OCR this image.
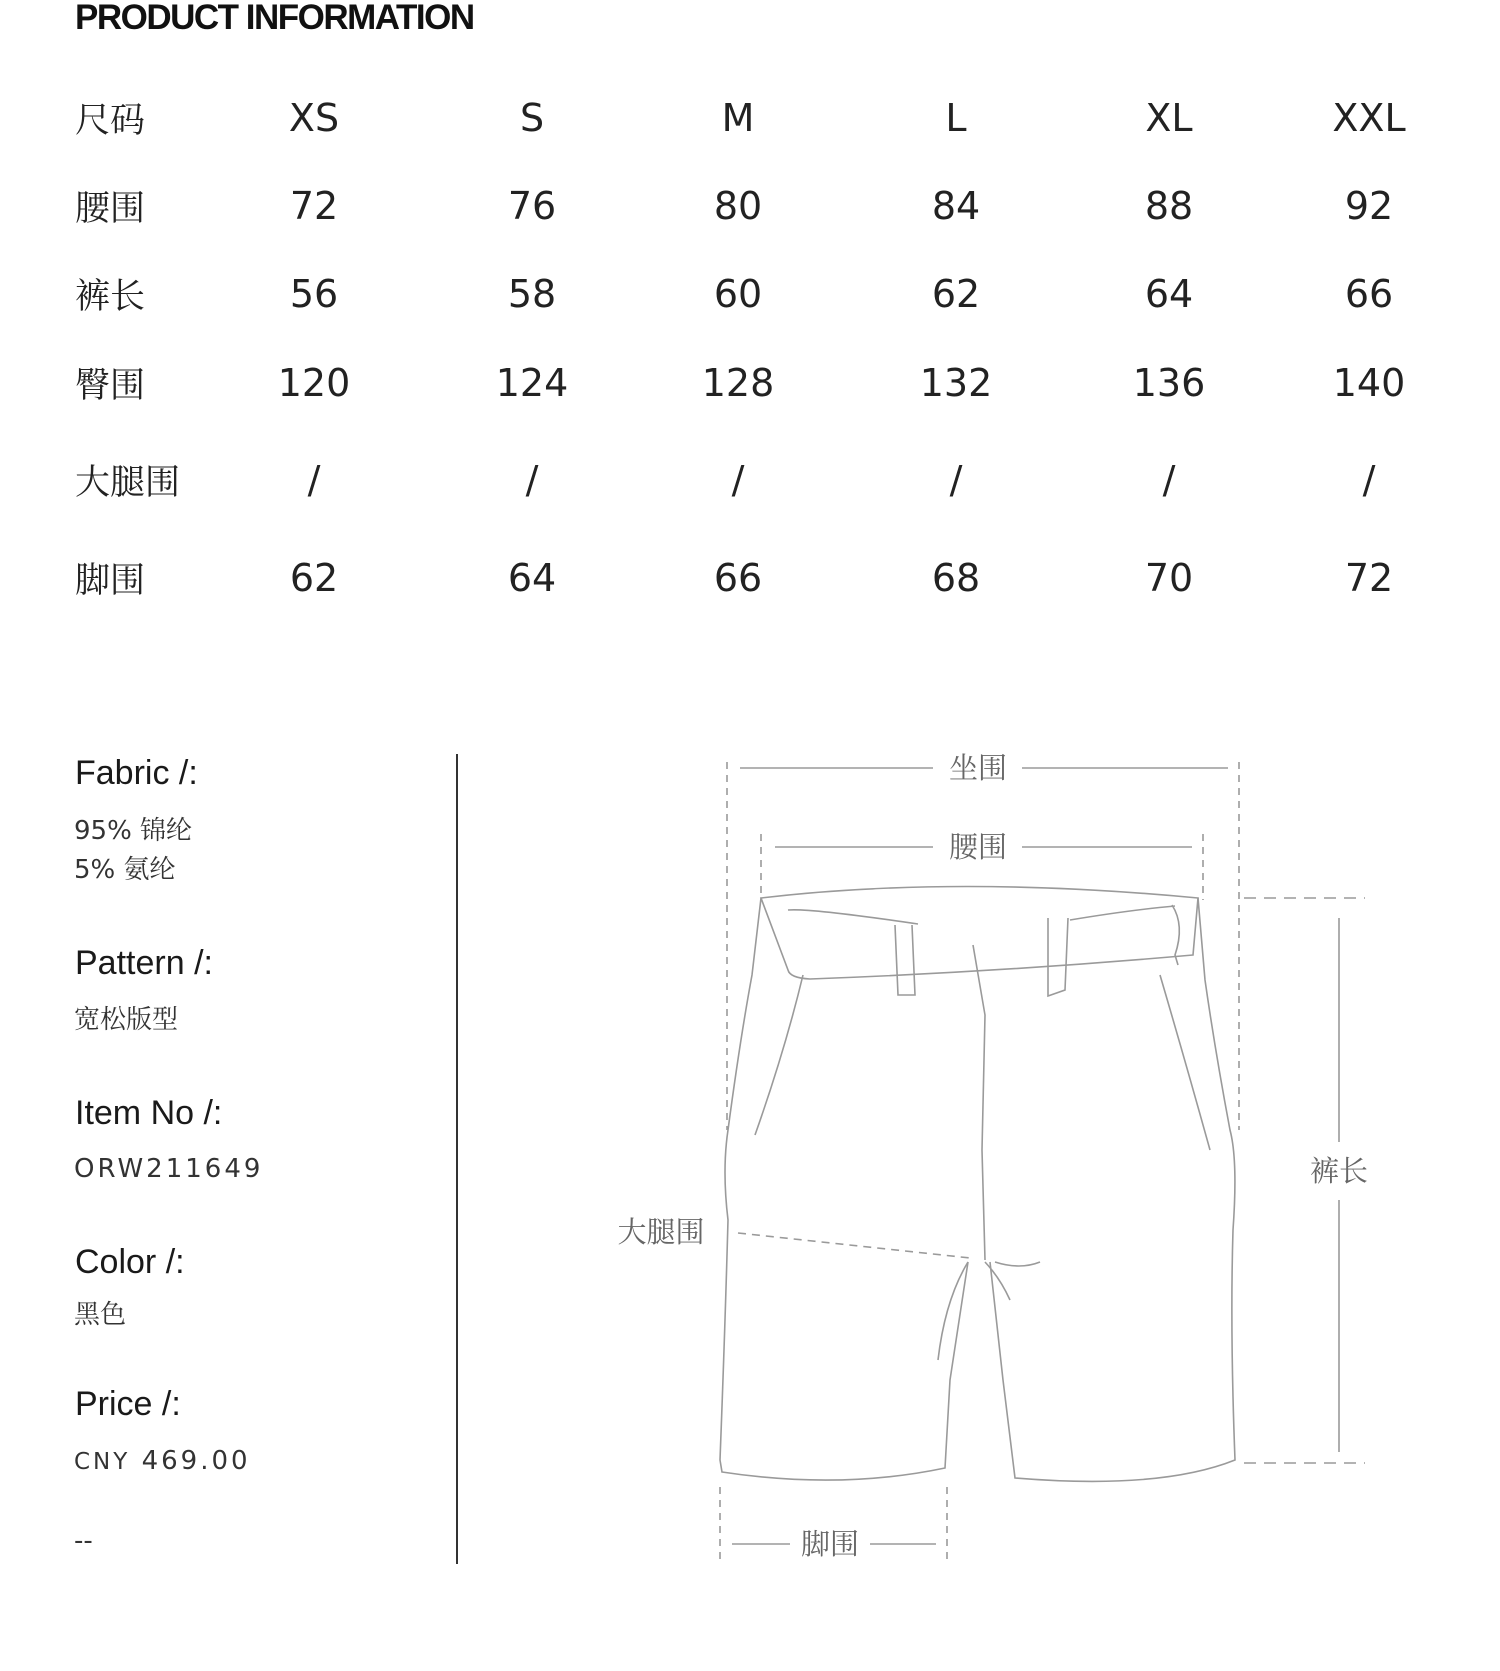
PRODUCT INFORMATION
尺码	XS	S	M	L	XL	XXL
腰围	72	76	80	84	88	92
裤长	56	58	60	62	64	66
臀围	120	124	128	132	136	140
大腿围	/	/	/	/	/	/
脚围	62	64	66	68	70	72
Fabric /:
95% 锦纶
5% 氨纶
Pattern /:
宽松版型
Item No /:
ORW211649
Color /:
黑色
Price /:
CNY 469.00
--
坐围
腰围
裤长
大腿围
脚围
